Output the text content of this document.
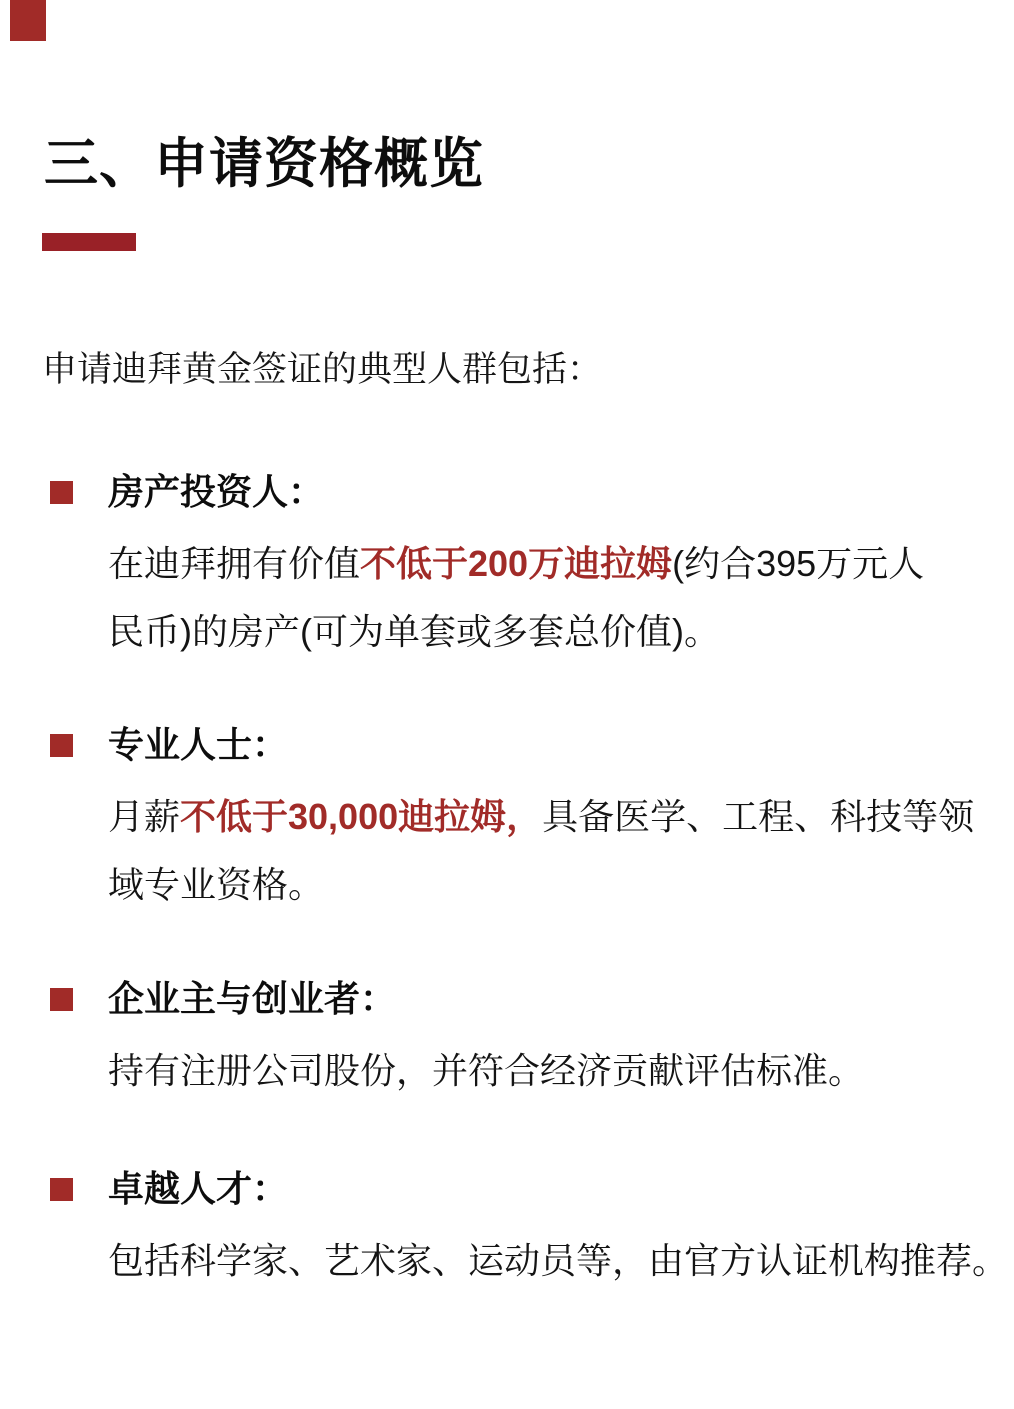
三、申请资格概览

申请迪拜黄金签证的典型人群包括：

房产投资人：
在迪拜拥有价值不低于200万迪拉姆(约合395万元人
民币)的房产(可为单套或多套总价值)。
专业人士：
月薪不低于30,000迪拉姆，具备医学、工程、科技等领
域专业资格。
企业主与创业者：
持有注册公司股份，并符合经济贡献评估标准。
卓越人才：
包括科学家、艺术家、运动员等，由官方认证机构推荐。
